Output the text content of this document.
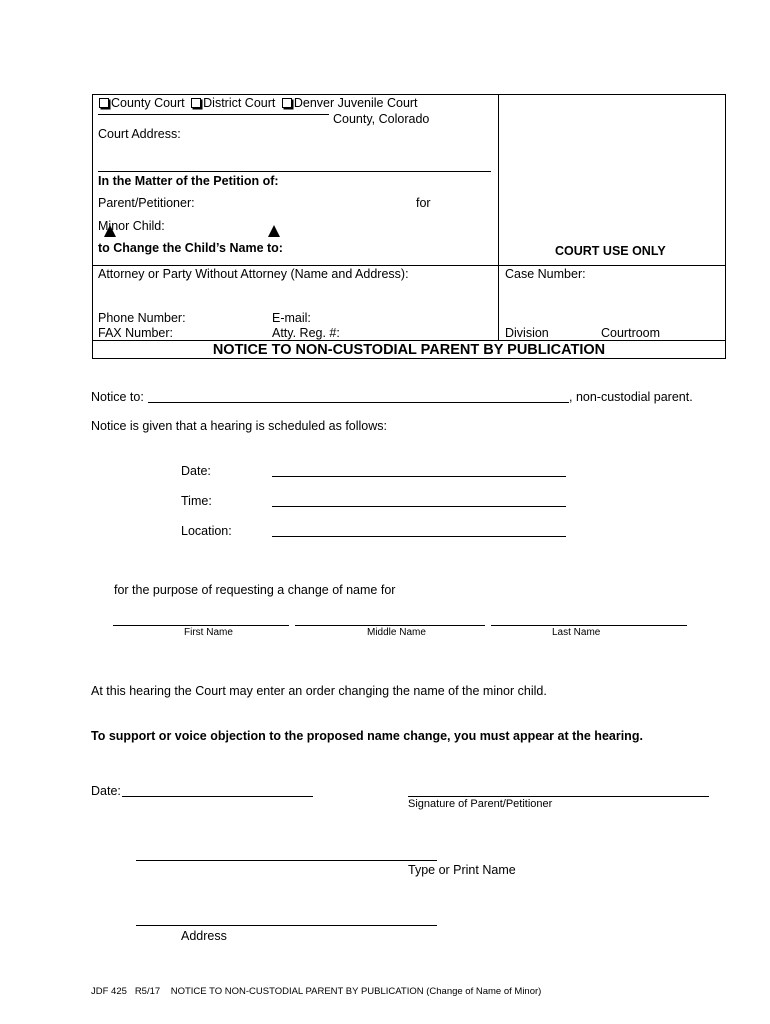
County Court District Court Denver Juvenile Court
County, Colorado
Court Address:
In the Matter of the Petition of:
Parent/Petitioner:	for
Minor Child:
to Change the Child’s Name to:	COURT USE ONLY
Attorney or Party Without Attorney (Name and Address):	Case Number:
Phone Number:	E-mail:
FAX Number:	Atty. Reg. #:	Division	Courtroom
NOTICE TO NON-CUSTODIAL PARENT BY PUBLICATION
Notice to:	, non-custodial parent.
Notice is given that a hearing is scheduled as follows:
Date:
Time:
Location:
for the purpose of requesting a change of name for
First Name	Middle Name	Last Name
At this hearing the Court may enter an order changing the name of the minor child.
To support or voice objection to the proposed name change, you must appear at the hearing.
Date:
Signature of Parent/Petitioner
Type or Print Name
Address
JDF 425   R5/17    NOTICE TO NON-CUSTODIAL PARENT BY PUBLICATION (Change of Name of Minor)
